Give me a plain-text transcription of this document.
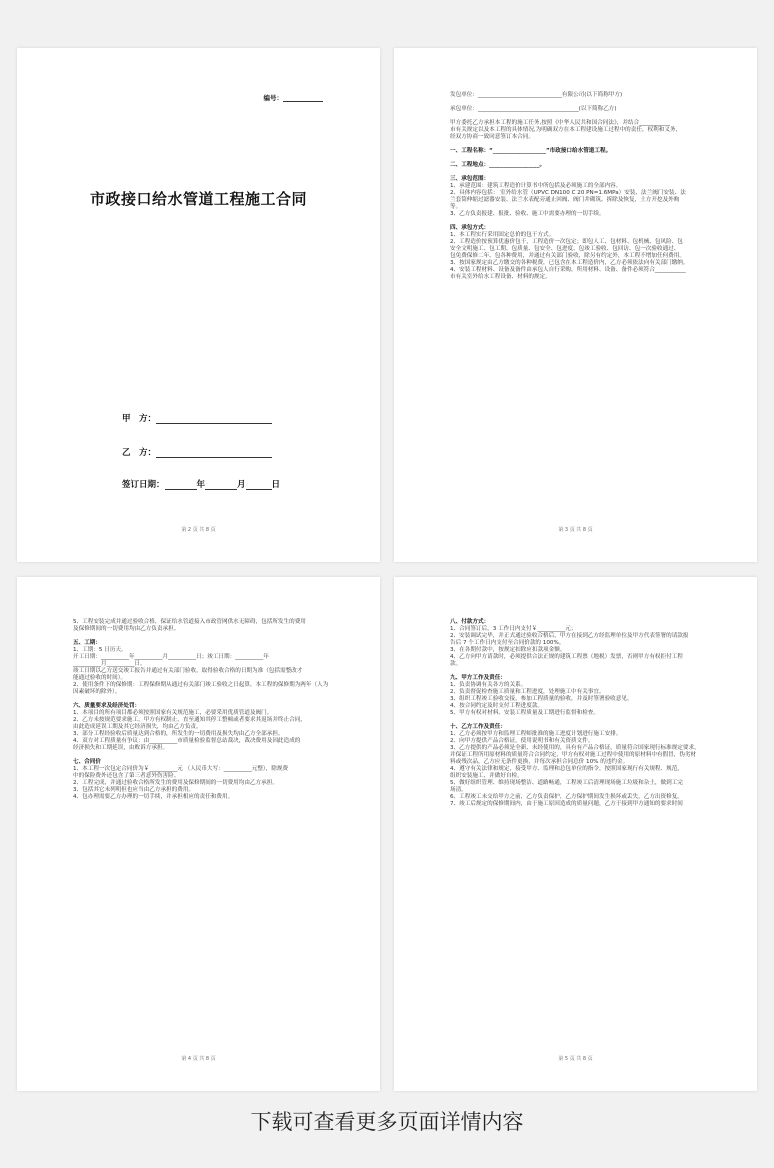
编号：
市政接口给水管道工程施工合同
甲　方：
乙　方：
签订日期：	年	月	日
第 2 页 共 8 页

发包单位：______________________________有限公司(以下简称甲方)

承包单位：____________________________________(以下简称乙方)

甲方委托乙方承担本工程的施工任务,按照《中华人民共和国合同法》，并结合___________

市有关规定以及本工程的具体情况,为明确双方在本工程建设施工过程中的责任，权利和义务,

经双方协商一致同意签订本合同。

一、工程名称：“___________________”市政接口给水管道工程。

二、工程地点：__________________。

三、承包范围：

1、承建范围：建筑工程造价计算书中所包括及必须施工的全部内容。

2、具体内容包括： 室外给水管（UPVC DN100 C 20 PN=1.6MPa）安装、法兰阀门安装、法

兰套筒伸缩过滤器安装、法兰水表配旁通止回阀、阀门井砌筑、拆除及恢复，土方开挖及外购

等。

3、乙方负责报建、报批、验收、施工中需要办理的一切手续。

四、承包方式：

1、本工程实行采用固定总价的包干方式。

2、工程造价按预算优惠价包干，工程造价一次包定；即包人工、包材料、包机械、包风险、包

安全文明施工、包工期、包质量、包安全、包进度、包竣工验收、包回访、包一次验收通过、

包免费保修二年、包各种费用，并通过有关部门验收，除另有约定外，本工程不增加任何费用。

3、按国家规定由乙方缴交的各种税费，已包含在本工程造价内，乙方必须依法向有关部门缴纳。

4、安装工程材料、设备及备件由承包人自行采购，所用材料、设备、备件必须符合___________

市有关室外给水工程设备、材料的规定。

第 3 页 共 8 页

5、工程安装完成并通过验收合格，保证给水管道接入市政管网供水无障碍，包括所发生的费用

及保修期间的一切费用均由乙方负责承担。

五、工期：

1、工期：5 日历天。

开工日期：__________年__________月__________日；竣工日期：__________年

__________月__________日。

竣工日期以乙方送交竣工报告并通过有关部门验收，取得验收合格的日期为准（包括需整改才

能通过验收的时间）。

2、使用条件下的保修期：工程保修期从通过有关部门竣工验收之日起算，本工程的保修期为两年（人为

因素破坏的除外）。

六、质量要求及经济处罚：

1、本项目的所有项目都必须按照国家有关规范施工，必要采用优质管道及阀门。

2、乙方未按规范要求施工，甲方有权制止，直至通知其停工整顿或者要求其返场并终止合同，

由此造成延误工期及其它经济损失，均由乙方负责。

3、部分工程经验收后质量达到合格的，所发生的一切费用及损失均由乙方全部承担。

4、双方对工程质量有争议：由__________市质量检验监督总站裁决，裁决费用及因此造成的

经济损失和工期延误，由败诉方承担。

七、合同价

1、本工程一次包定合同价为￥__________元 （人民币大写：__________元整），除规费

中的保险费外还包含了第三者意外伤害险。

2、工程完成，并通过验收合格所发生的费用及保修期间的一切费用均由乙方承担。

3、包括其它未列明但也应当由乙方承担的费用。

4、包办理需要乙方办理的一切手续，并承担相应的责任和费用。

第 4 页 共 8 页

八、付款方式：

1、合同签订后，3 工作日内支付￥__________元；

2、安装调试完毕，并正式通过验收合格后，甲方在接到乙方经监理单位及甲方代表签署的请款报

告后 7 个工作日内支付至合同价款的 100%。

3、在各期付款中，按规定扣除应扣款项金额。

4、乙方向甲方请款时，必须提供合法正规的建筑工程票（地税）发票，否则甲方有权拒付工程

款。

九、甲方工作及责任：

1、负责协调有关各方的关系。

2、负责督促检查施工质量和工程进度，处理施工中有关事宜。

3、组织工程竣工验收交接，参加工程质量的验收，并及时签署验收意见。

4、按合同约定及时支付工程进度款。

5、甲方有权对材料、安装工程质量及工期进行监督和检查。

十、乙方工作及责任：

1、乙方必须按甲方和监理工程师批准的施工进度计划进行施工安排。

2、向甲方提供产品合格证，使用说明书和有关资质文件。

3、乙方提供的产品必须是全新、未经使用的，具有有产品合格证，质量符合国家现行标准规定要求，

并保证工程所用原材料的质量符合合同约定，甲方有权对施工过程中使用的原材料中有假冒，伪劣材

料或残次品，乙方应无条件更换，并每次承担合同总价 10% 的违约金。

4、遵守有关法律和规定，接受甲方、监理和总包单位的指令，按照国家现行有关规程、规范，

组织安装施工，并做好自检。

5、做好组织管理、维持现场整洁、道路畅通，工程竣工后清理现场施工垃圾和杂土，做到工完

场清。

6、工程竣工未交给甲方之前，乙方负责保护，乙方保护期间发生损坏或丢失，乙方出资修复。

7、竣工后规定的保修期间内，由于施工原因造成的质量问题，乙方于接到甲方通知的要求时间

第 5 页 共 8 页
下载可查看更多页面详情内容
